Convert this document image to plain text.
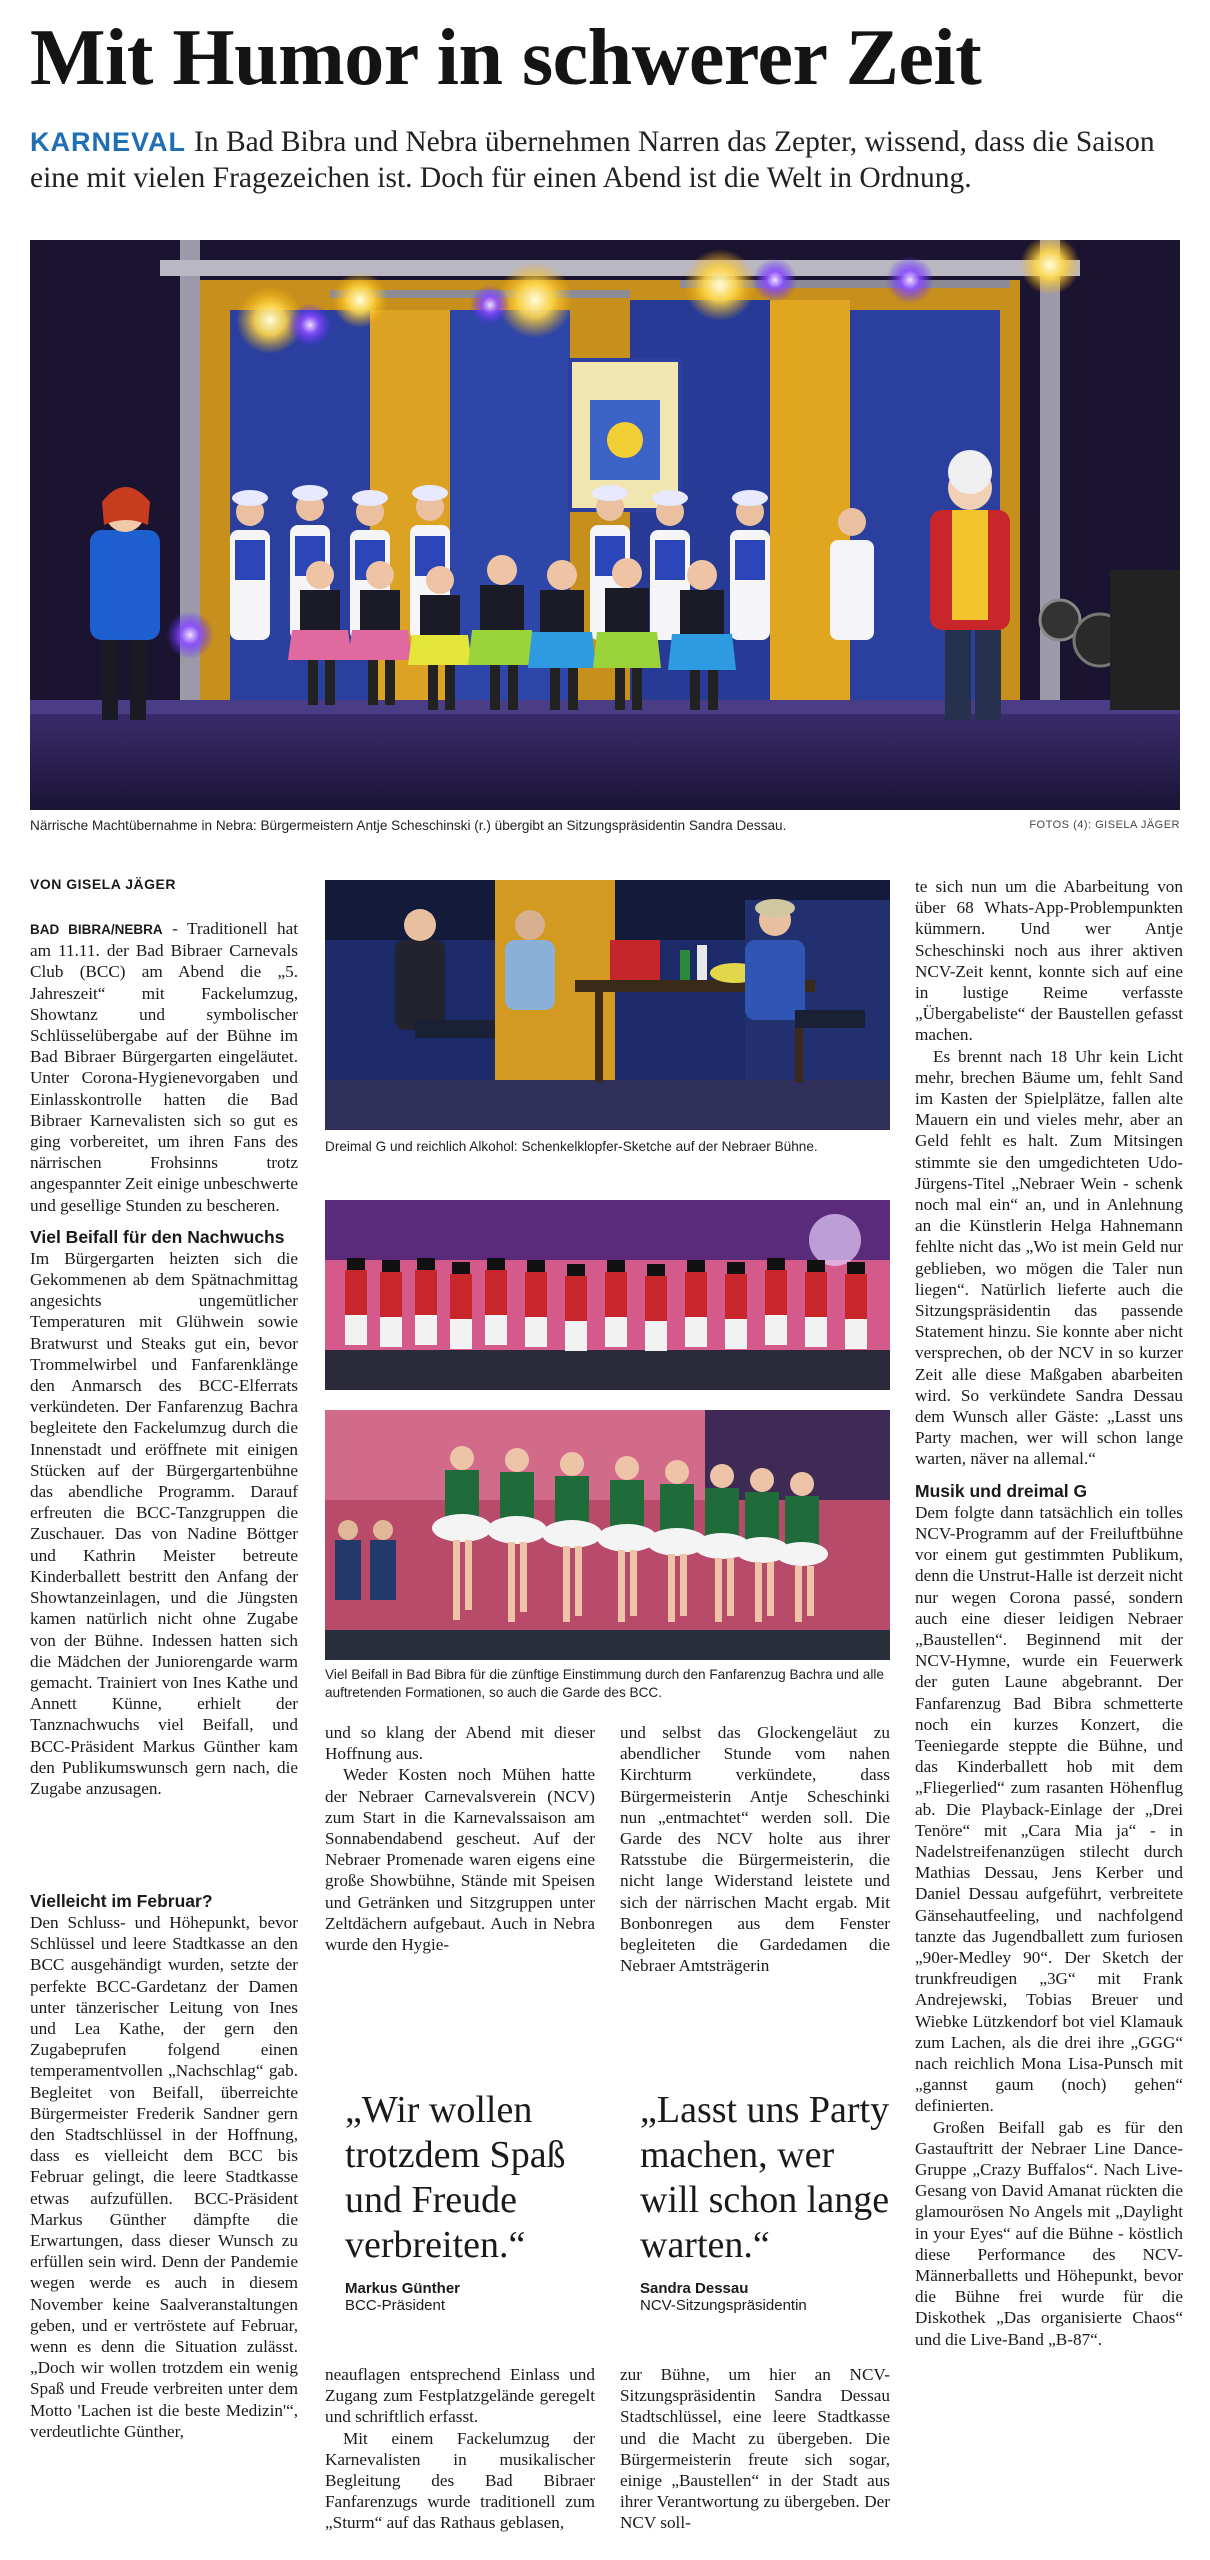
Mit Humor in schwerer Zeit
KARNEVAL In Bad Bibra und Nebra übernehmen Narren das Zepter, wissend, dass die Saison eine mit vielen Fragezeichen ist. Doch für einen Abend ist die Welt in Ordnung.
Närrische Machtübernahme in Nebra: Bürgermeistern Antje Scheschinski (r.) übergibt an Sitzungspräsidentin Sandra Dessau.	FOTOS (4): GISELA JÄGER
VON GISELA JÄGER

BAD BIBRA/NEBRA - Traditionell hat am 11.11. der Bad Bibraer Carnevals Club (BCC) am Abend die „5. Jahreszeit“ mit Fackelumzug, Showtanz und symbolischer Schlüsselübergabe auf der Bühne im Bad Bibraer Bürgergarten eingeläutet. Unter Corona-Hygienevorgaben und Einlasskontrolle hatten die Bad Bibraer Karnevalisten sich so gut es ging vorbereitet, um ihren Fans des närrischen Frohsinns trotz angespannter Zeit einige unbeschwerte und gesellige Stunden zu bescheren.

Viel Beifall für den Nachwuchs

Im Bürgergarten heizten sich die Gekommenen ab dem Spätnachmittag angesichts ungemütlicher Temperaturen mit Glühwein sowie Bratwurst und Steaks gut ein, bevor Trommelwirbel und Fanfarenklänge den Anmarsch des BCC-Elferrats verkündeten. Der Fanfarenzug Bachra begleitete den Fackelumzug durch die Innenstadt und eröffnete mit einigen Stücken auf der Bürgergartenbühne das abendliche Programm. Darauf erfreuten die BCC-Tanzgruppen die Zuschauer. Das von Nadine Böttger und Kathrin Meister betreute Kinderballett bestritt den Anfang der Showtanzeinlagen, und die Jüngsten kamen natürlich nicht ohne Zugabe von der Bühne. Indessen hatten sich die Mädchen der Juniorengarde warm gemacht. Trainiert von Ines Kathe und Annett Künne, erhielt der Tanznachwuchs viel Beifall, und BCC-Präsident Markus Günther kam den Publikumswunsch gern nach, die Zugabe anzusagen.

Vielleicht im Februar?

Den Schluss- und Höhepunkt, bevor Schlüssel und leere Stadtkasse an den BCC ausgehändigt wurden, setzte der perfekte BCC-Gardetanz der Damen unter tänzerischer Leitung von Ines und Lea Kathe, der gern den Zugabeprufen folgend einen temperamentvollen „Nachschlag“ gab. Begleitet von Beifall, überreichte Bürgermeister Frederik Sandner gern den Stadtschlüssel in der Hoffnung, dass es vielleicht dem BCC bis Februar gelingt, die leere Stadtkasse etwas aufzufüllen. BCC-Präsident Markus Günther dämpfte die Erwartungen, dass dieser Wunsch zu erfüllen sein wird. Denn der Pandemie wegen werde es auch in diesem November keine Saalveranstaltungen geben, und er vertröstete auf Februar, wenn es denn die Situation zulässt. „Doch wir wollen trotzdem ein wenig Spaß und Freude verbreiten unter dem Motto 'Lachen ist die beste Medizin'“, verdeutlichte Günther,

Dreimal G und reichlich Alkohol: Schenkelklopfer-Sketche auf der Nebraer Bühne.
Viel Beifall in Bad Bibra für die zünftige Einstimmung durch den Fanfarenzug Bachra und alle auftretenden Formationen, so auch die Garde des BCC.

und so klang der Abend mit dieser Hoffnung aus.

Weder Kosten noch Mühen hatte der Nebraer Carnevalsverein (NCV) zum Start in die Karnevalssaison am Sonnabendabend gescheut. Auf der Nebraer Promenade waren eigens eine große Showbühne, Stände mit Speisen und Getränken und Sitzgruppen unter Zeltdächern aufgebaut. Auch in Nebra wurde den Hygie-

und selbst das Glockengeläut zu abendlicher Stunde vom nahen Kirchturm verkündete, dass Bürgermeisterin Antje Scheschinki nun „entmachtet“ werden soll. Die Garde des NCV holte aus ihrer Ratsstube die Bürgermeisterin, die nicht lange Widerstand leistete und sich der närrischen Macht ergab. Mit Bonbonregen aus dem Fenster begleiteten die Gardedamen die Nebraer Amtsträgerin

„Wir wollen trotzdem Spaß und Freude verbreiten.“
Markus Günther
BCC-Präsident
„Lasst uns Party machen, wer will schon lange warten.“
Sandra Dessau
NCV-Sitzungspräsidentin

neauflagen entsprechend Einlass und Zugang zum Festplatzgelände geregelt und schriftlich erfasst.

Mit einem Fackelumzug der Karnevalisten in musikalischer Begleitung des Bad Bibraer Fanfarenzugs wurde traditionell zum „Sturm“ auf das Rathaus geblasen,

zur Bühne, um hier an NCV-Sitzungspräsidentin Sandra Dessau Stadtschlüssel, eine leere Stadtkasse und die Macht zu übergeben. Die Bürgermeisterin freute sich sogar, einige „Baustellen“ in der Stadt aus ihrer Verantwortung zu übergeben. Der NCV soll-

te sich nun um die Abarbeitung von über 68 Whats-App-Problempunkten kümmern. Und wer Antje Scheschinski noch aus ihrer aktiven NCV-Zeit kennt, konnte sich auf eine in lustige Reime verfasste „Übergabeliste“ der Baustellen gefasst machen.

Es brennt nach 18 Uhr kein Licht mehr, brechen Bäume um, fehlt Sand im Kasten der Spielplätze, fallen alte Mauern ein und vieles mehr, aber an Geld fehlt es halt. Zum Mitsingen stimmte sie den umgedichteten Udo-Jürgens-Titel „Nebraer Wein - schenk noch mal ein“ an, und in Anlehnung an die Künstlerin Helga Hahnemann fehlte nicht das „Wo ist mein Geld nur geblieben, wo mögen die Taler nun liegen“. Natürlich lieferte auch die Sitzungspräsidentin das passende Statement hinzu. Sie konnte aber nicht versprechen, ob der NCV in so kurzer Zeit alle diese Maßgaben abarbeiten wird. So verkündete Sandra Dessau dem Wunsch aller Gäste: „Lasst uns Party machen, wer will schon lange warten, näver na allemal.“

Musik und dreimal G

Dem folgte dann tatsächlich ein tolles NCV-Programm auf der Freiluftbühne vor einem gut gestimmten Publikum, denn die Unstrut-Halle ist derzeit nicht nur wegen Corona passé, sondern auch eine dieser leidigen Nebraer „Baustellen“. Beginnend mit der NCV-Hymne, wurde ein Feuerwerk der guten Laune abgebrannt. Der Fanfarenzug Bad Bibra schmetterte noch ein kurzes Konzert, die Teeniegarde steppte die Bühne, und das Kinderballett hob mit dem „Fliegerlied“ zum rasanten Höhenflug ab. Die Playback-Einlage der „Drei Tenöre“ mit „Cara Mia ja“ - in Nadelstreifenanzügen stilecht durch Mathias Dessau, Jens Kerber und Daniel Dessau aufgeführt, verbreitete Gänsehautfeeling, und nachfolgend tanzte das Jugendballett zum furiosen „90er-Medley 90“. Der Sketch der trunkfreudigen „3G“ mit Frank Andrejewski, Tobias Breuer und Wiebke Lützkendorf bot viel Klamauk zum Lachen, als die drei ihre „GGG“ nach reichlich Mona Lisa-Punsch mit „gannst gaum (noch) gehen“ definierten.

Großen Beifall gab es für den Gastauftritt der Nebraer Line Dance-Gruppe „Crazy Buffalos“. Nach Live-Gesang von David Amanat rückten die glamourösen No Angels mit „Daylight in your Eyes“ auf die Bühne - köstlich diese Performance des NCV-Männerballetts und Höhepunkt, bevor die Bühne frei wurde für die Diskothek „Das organisierte Chaos“ und die Live-Band „B-87“.
